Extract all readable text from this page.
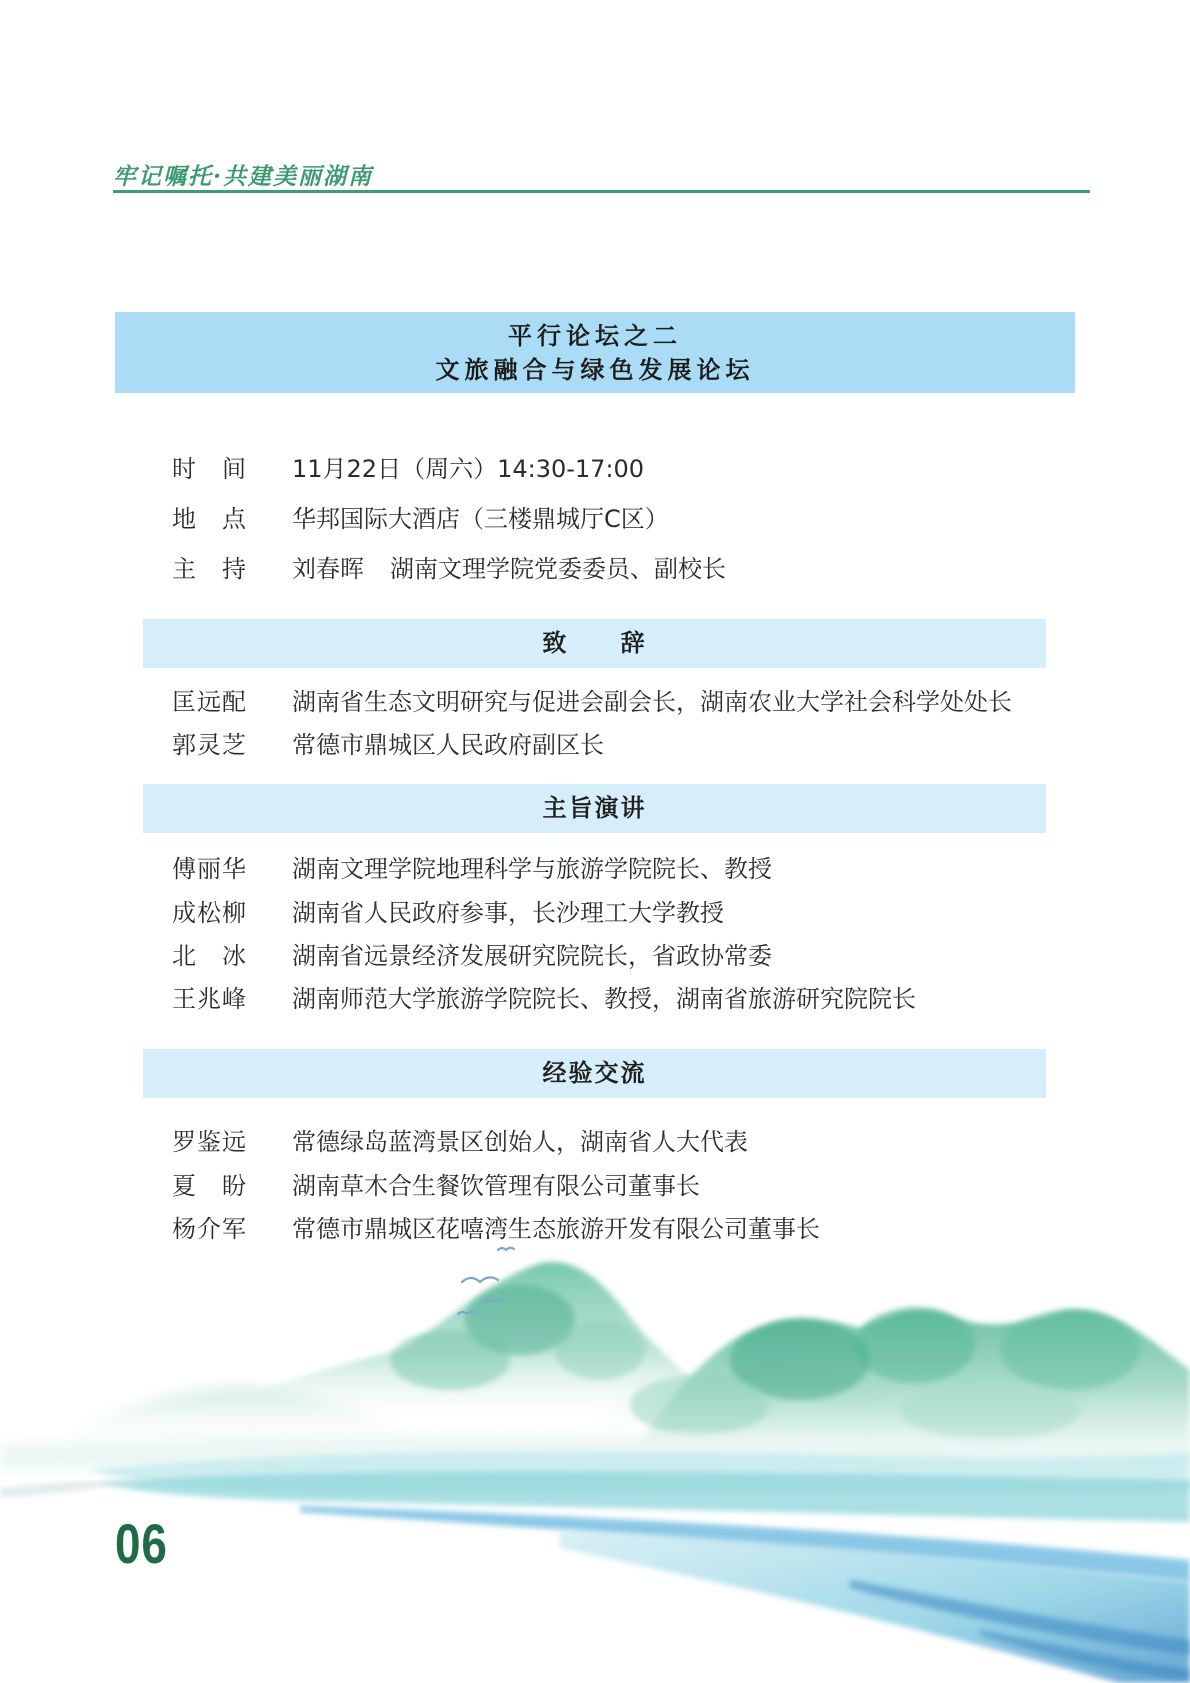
牢记嘱托·共建美丽湖南
平行论坛之二
文旅融合与绿色发展论坛
时 间 11月22日（周六）14:30-17:00
地 点 华邦国际大酒店（三楼鼎城厅C区）
主 持 刘春晖 湖南文理学院党委委员、副校长
致 辞
匡远配 湖南省生态文明研究与促进会副会长，湖南农业大学社会科学处处长
郭灵芝 常德市鼎城区人民政府副区长
主旨演讲
傅丽华 湖南文理学院地理科学与旅游学院院长、教授
成松柳 湖南省人民政府参事，长沙理工大学教授
北 冰 湖南省远景经济发展研究院院长，省政协常委
王兆峰 湖南师范大学旅游学院院长、教授，湖南省旅游研究院院长
经验交流
罗鉴远 常德绿岛蓝湾景区创始人，湖南省人大代表
夏 盼 湖南草木合生餐饮管理有限公司董事长
杨介军 常德市鼎城区花嘻湾生态旅游开发有限公司董事长
06
